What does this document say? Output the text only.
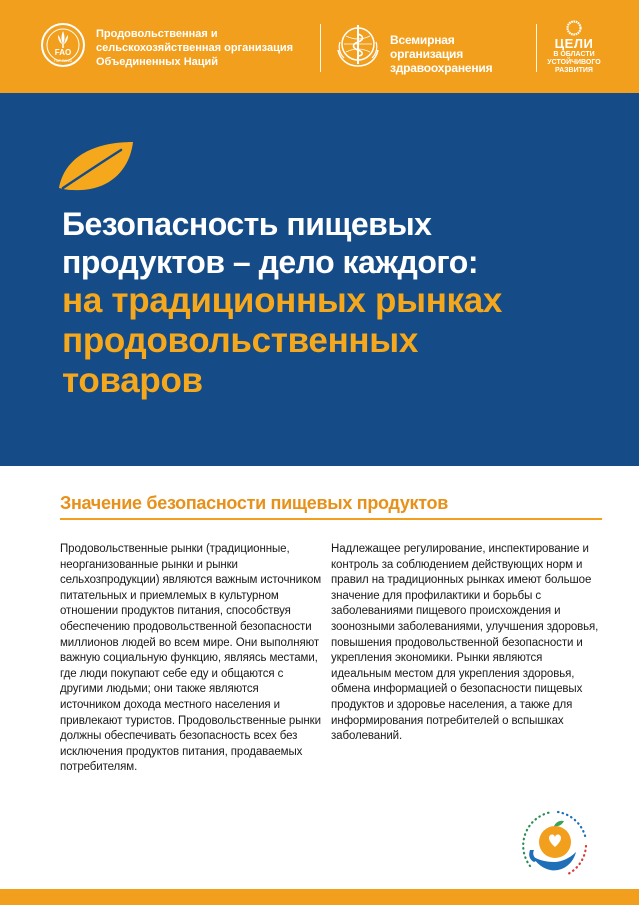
FAO
FIAT PANIS
Продовольственная и
сельскохозяйственная организация
Объединенных Наций
Всемирная организация
здравоохранения
ЦЕЛИ
В ОБЛАСТИ
УСТОЙЧИВОГО
РАЗВИТИЯ
Безопасность пищевых
продуктов – дело каждого:
на традиционных рынках
продовольственных
товаров
Значение безопасности пищевых продуктов
Продовольственные рынки (традиционные, неорганизованные рынки и рынки сельхозпродукции) являются важным источником питательных и приемлемых в культурном отношении продуктов питания, способствуя обеспечению продовольственной безопасности миллионов людей во всем мире. Они выполняют важную социальную функцию, являясь местами, где люди покупают себе еду и общаются с другими людьми; они также являются источником дохода местного населения и привлекают туристов. Продовольственные рынки должны обеспечивать безопасность всех без исключения продуктов питания, продаваемых потребителям.
Надлежащее регулирование, инспектирование и контроль за соблюдением действующих норм и правил на традиционных рынках имеют большое значение для профилактики и борьбы с заболеваниями пищевого происхождения и зоонозными заболеваниями, улучшения здоровья, повышения продовольственной безопасности и укрепления экономики. Рынки являются идеальным местом для укрепления здоровья, обмена информацией о безопасности пищевых продуктов и здоровье населения, а также для информирования потребителей о вспышках заболеваний.
